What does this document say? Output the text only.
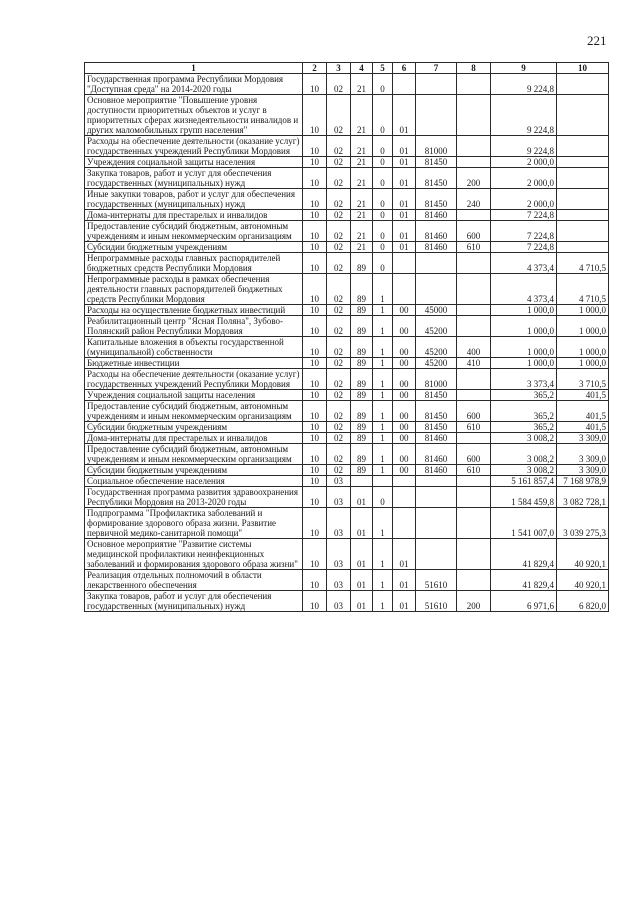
221
1	2	3	4	5	6	7	8	9	10
Государственная программа Республики Мордовия "Доступная среда" на 2014-2020 годы	10	02	21	0				9 224,8	
Основное мероприятие "Повышение уровня доступности приоритетных объектов и услуг в приоритетных сферах жизнедеятельности инвалидов и других маломобильных групп населения"	10	02	21	0	01			9 224,8	
Расходы на обеспечение деятельности (оказание услуг) государственных учреждений Республики Мордовия	10	02	21	0	01	81000		9 224,8	
Учреждения социальной защиты населения	10	02	21	0	01	81450		2 000,0	
Закупка товаров, работ и услуг для обеспечения государственных (муниципальных) нужд	10	02	21	0	01	81450	200	2 000,0	
Иные закупки товаров, работ и услуг для обеспечения государственных (муниципальных) нужд	10	02	21	0	01	81450	240	2 000,0	
Дома-интернаты для престарелых и инвалидов	10	02	21	0	01	81460		7 224,8	
Предоставление субсидий бюджетным, автономным учреждениям и иным некоммерческим организациям	10	02	21	0	01	81460	600	7 224,8	
Субсидии бюджетным учреждениям	10	02	21	0	01	81460	610	7 224,8	
Непрограммные расходы главных распорядителей бюджетных средств Республики Мордовия	10	02	89	0				4 373,4	4 710,5
Непрограммные расходы в рамках обеспечения деятельности главных распорядителей бюджетных средств Республики Мордовия	10	02	89	1				4 373,4	4 710,5
Расходы на осуществление бюджетных инвестиций	10	02	89	1	00	45000		1 000,0	1 000,0
Реабилитационный центр "Ясная Поляна", Зубово-Полянский район Республики Мордовия	10	02	89	1	00	45200		1 000,0	1 000,0
Капитальные вложения в объекты государственной (муниципальной) собственности	10	02	89	1	00	45200	400	1 000,0	1 000,0
Бюджетные инвестиции	10	02	89	1	00	45200	410	1 000,0	1 000,0
Расходы на обеспечение деятельности (оказание услуг) государственных учреждений Республики Мордовия	10	02	89	1	00	81000		3 373,4	3 710,5
Учреждения социальной защиты населения	10	02	89	1	00	81450		365,2	401,5
Предоставление субсидий бюджетным, автономным учреждениям и иным некоммерческим организациям	10	02	89	1	00	81450	600	365,2	401,5
Субсидии бюджетным учреждениям	10	02	89	1	00	81450	610	365,2	401,5
Дома-интернаты для престарелых и инвалидов	10	02	89	1	00	81460		3 008,2	3 309,0
Предоставление субсидий бюджетным, автономным учреждениям и иным некоммерческим организациям	10	02	89	1	00	81460	600	3 008,2	3 309,0
Субсидии бюджетным учреждениям	10	02	89	1	00	81460	610	3 008,2	3 309,0
Социальное обеспечение населения	10	03						5 161 857,4	7 168 978,9
Государственная программа развития здравоохранения Республики Мордовия на 2013-2020 годы	10	03	01	0				1 584 459,8	3 082 728,1
Подпрограмма "Профилактика заболеваний и формирование здорового образа жизни. Развитие первичной медико-санитарной помощи"	10	03	01	1				1 541 007,0	3 039 275,3
Основное мероприятие "Развитие системы медицинской профилактики неинфекционных заболеваний и формирования здорового образа жизни"	10	03	01	1	01			41 829,4	40 920,1
Реализация отдельных полномочий в области лекарственного обеспечения	10	03	01	1	01	51610		41 829,4	40 920,1
Закупка товаров, работ и услуг для обеспечения государственных (муниципальных) нужд	10	03	01	1	01	51610	200	6 971,6	6 820,0
